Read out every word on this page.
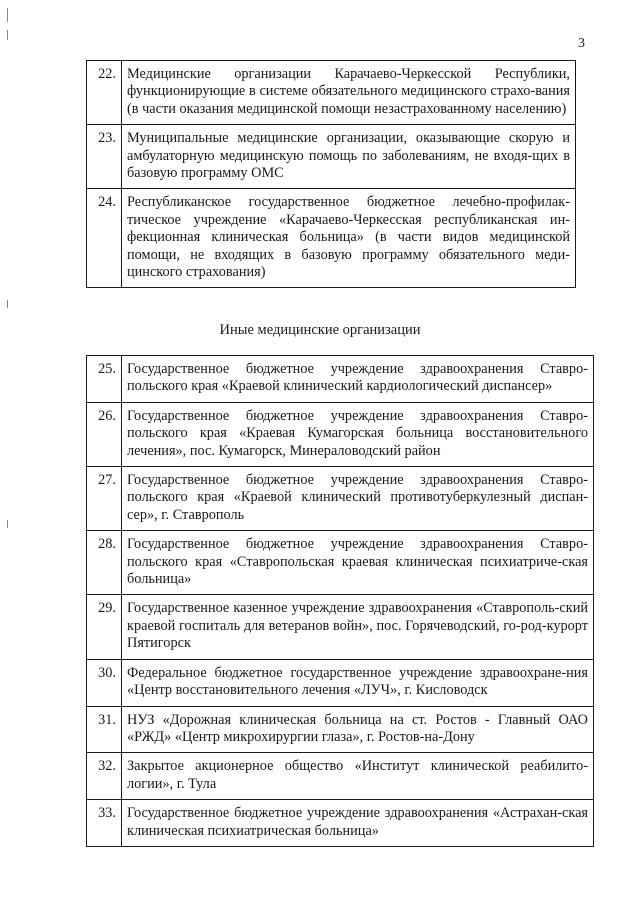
3
22.	Медицинские организации Карачаево-Черкесской Республики, функционирующие в системе обязательного медицинского страхо-вания (в части оказания медицинской помощи незастрахованному населению)
23.	Муниципальные медицинские организации, оказывающие скорую и амбулаторную медицинскую помощь по заболеваниям, не входя-щих в базовую программу ОМС
24.	Республиканское государственное бюджетное лечебно-профилак-тическое учреждение «Карачаево-Черкесская республиканская ин-фекционная клиническая больница» (в части видов медицинской помощи, не входящих в базовую программу обязательного меди-цинского страхования)
Иные медицинские организации
25.	Государственное бюджетное учреждение здравоохранения Ставро-польского края «Краевой клинический кардиологический диспансер»
26.	Государственное бюджетное учреждение здравоохранения Ставро-польского края «Краевая Кумагорская больница восстановительного лечения», пос. Кумагорск, Минераловодский район
27.	Государственное бюджетное учреждение здравоохранения Ставро-польского края «Краевой клинический противотуберкулезный диспан-сер», г. Ставрополь
28.	Государственное бюджетное учреждение здравоохранения Ставро-польского края «Ставропольская краевая клиническая психиатриче-ская больница»
29.	Государственное казенное учреждение здравоохранения «Ставрополь-ский краевой госпиталь для ветеранов войн», пос. Горячеводский, го-род-курорт Пятигорск
30.	Федеральное бюджетное государственное учреждение здравоохране-ния «Центр восстановительного лечения «ЛУЧ», г. Кисловодск
31.	НУЗ «Дорожная клиническая больница на ст. Ростов - Главный ОАО «РЖД» «Центр микрохирургии глаза», г. Ростов-на-Дону
32.	Закрытое акционерное общество «Институт клинической реабилито-логии», г. Тула
33.	Государственное бюджетное учреждение здравоохранения «Астрахан-ская клиническая психиатрическая больница»
